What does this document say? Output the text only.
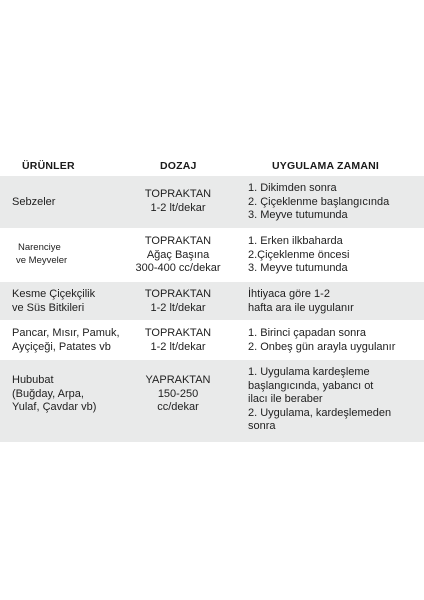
ÜRÜNLER	DOZAJ	UYGULAMA ZAMANI
Sebzeler
TOPRAKTAN
1-2 lt/dekar
1. Dikimden sonra
2. Çiçeklenme başlangıcında
3. Meyve tutumunda
Narenciye
ve Meyveler
TOPRAKTAN
Ağaç Başına
300-400 cc/dekar
1. Erken ilkbaharda
2.Çiçeklenme öncesi
3. Meyve tutumunda
Kesme Çiçekçilik
ve Süs Bitkileri
TOPRAKTAN
1-2 lt/dekar
İhtiyaca göre 1-2
hafta ara ile uygulanır
Pancar, Mısır, Pamuk,
Ayçiçeği, Patates vb
TOPRAKTAN
1-2 lt/dekar
1. Birinci çapadan sonra
2. Onbeş gün arayla uygulanır
Hububat
(Buğday, Arpa,
Yulaf, Çavdar vb)
YAPRAKTAN
150-250
cc/dekar
1. Uygulama kardeşleme
başlangıcında, yabancı ot
ilacı ile beraber
2. Uygulama, kardeşlemeden
sonra
